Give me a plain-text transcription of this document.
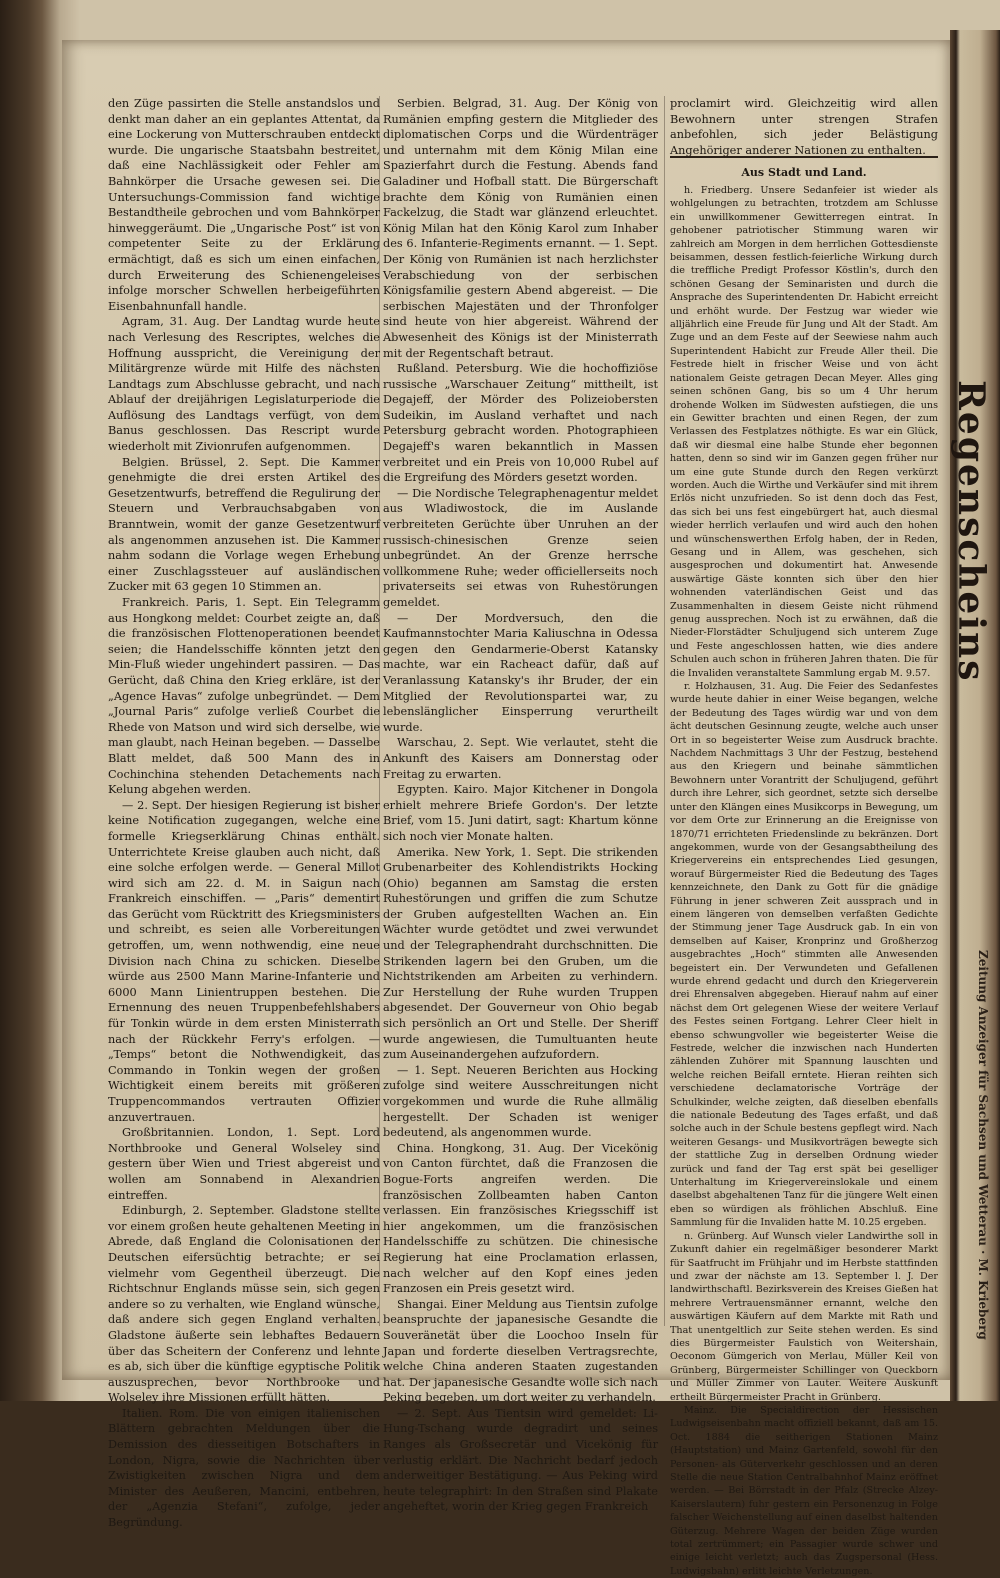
Regenscheins
Zeitung Anzeiger für Sachsen und Wetterau · M. Krieberg

den Züge passirten die Stelle anstandslos und denkt man daher an ein geplantes Attentat, da eine Lockerung von Mutterschrauben entdeckt wurde. Die ungarische Staatsbahn bestreitet, daß eine Nachlässigkeit oder Fehler am Bahnkörper die Ursache gewesen sei. Die Untersuchungs-Commission fand wichtige Bestandtheile gebrochen und vom Bahnkörper hinweggeräumt. Die „Ungarische Post“ ist von competenter Seite zu der Erklärung ermächtigt, daß es sich um einen einfachen, durch Erweiterung des Schienengeleises infolge morscher Schwellen herbeigeführten Eisenbahnunfall handle.

Agram, 31. Aug. Der Landtag wurde heute nach Verlesung des Rescriptes, welches die Hoffnung ausspricht, die Vereinigung der Militärgrenze würde mit Hilfe des nächsten Landtags zum Abschlusse gebracht, und nach Ablauf der dreijährigen Legislaturperiode die Auflösung des Landtags verfügt, von dem Banus geschlossen. Das Rescript wurde wiederholt mit Zivionrufen aufgenommen.

Belgien. Brüssel, 2. Sept. Die Kammer genehmigte die drei ersten Artikel des Gesetzentwurfs, betreffend die Regulirung der Steuern und Verbrauchsabgaben von Branntwein, womit der ganze Gesetzentwurf als angenommen anzusehen ist. Die Kammer nahm sodann die Vorlage wegen Erhebung einer Zuschlagssteuer auf ausländischen Zucker mit 63 gegen 10 Stimmen an.

Frankreich. Paris, 1. Sept. Ein Telegramm aus Hongkong meldet: Courbet zeigte an, daß die französischen Flottenoperationen beendet seien; die Handelsschiffe könnten jetzt den Min-Fluß wieder ungehindert passiren. — Das Gerücht, daß China den Krieg erkläre, ist der „Agence Havas“ zufolge unbegründet. — Dem „Journal Paris“ zufolge verließ Courbet die Rhede von Matson und wird sich derselbe, wie man glaubt, nach Heinan begeben. — Dasselbe Blatt meldet, daß 500 Mann des in Cochinchina stehenden Detachements nach Kelung abgehen werden.

— 2. Sept. Der hiesigen Regierung ist bisher keine Notification zugegangen, welche eine formelle Kriegserklärung Chinas enthält. Unterrichtete Kreise glauben auch nicht, daß eine solche erfolgen werde. — General Millot wird sich am 22. d. M. in Saigun nach Frankreich einschiffen. — „Paris“ dementirt das Gerücht vom Rücktritt des Kriegsministers und schreibt, es seien alle Vorbereitungen getroffen, um, wenn nothwendig, eine neue Division nach China zu schicken. Dieselbe würde aus 2500 Mann Marine-Infanterie und 6000 Mann Linientruppen bestehen. Die Ernennung des neuen Truppenbefehlshabers für Tonkin würde in dem ersten Ministerrath nach der Rückkehr Ferry's erfolgen. — „Temps“ betont die Nothwendigkeit, das Commando in Tonkin wegen der großen Wichtigkeit einem bereits mit größeren Truppencommandos vertrauten Offizier anzuvertrauen.

Großbritannien. London, 1. Sept. Lord Northbrooke und General Wolseley sind gestern über Wien und Triest abgereist und wollen am Sonnabend in Alexandrien eintreffen.

Edinburgh, 2. September. Gladstone stellte vor einem großen heute gehaltenen Meeting in Abrede, daß England die Colonisationen der Deutschen eifersüchtig betrachte; er sei vielmehr vom Gegentheil überzeugt. Die Richtschnur Englands müsse sein, sich gegen andere so zu verhalten, wie England wünsche, daß andere sich gegen England verhalten. Gladstone äußerte sein lebhaftes Bedauern über das Scheitern der Conferenz und lehnte es ab, sich über die künftige egyptische Politik auszusprechen, bevor Northbrooke und Wolseley ihre Missionen erfüllt hätten.

Italien. Rom. Die von einigen italienischen Blättern gebrachten Meldungen über die Demission des diesseitigen Botschafters in London, Nigra, sowie die Nachrichten über Zwistigkeiten zwischen Nigra und dem Minister des Aeußeren, Mancini, entbehren, der „Agenzia Stefani“, zufolge, jeder Begründung.

Serbien. Belgrad, 31. Aug. Der König von Rumänien empfing gestern die Mitglieder des diplomatischen Corps und die Würdenträger und unternahm mit dem König Milan eine Spazierfahrt durch die Festung. Abends fand Galadiner und Hofball statt. Die Bürgerschaft brachte dem König von Rumänien einen Fackelzug, die Stadt war glänzend erleuchtet. König Milan hat den König Karol zum Inhaber des 6. Infanterie-Regiments ernannt. — 1. Sept. Der König von Rumänien ist nach herzlichster Verabschiedung von der serbischen Königsfamilie gestern Abend abgereist. — Die serbischen Majestäten und der Thronfolger sind heute von hier abgereist. Während der Abwesenheit des Königs ist der Ministerrath mit der Regentschaft betraut.

Rußland. Petersburg. Wie die hochoffiziöse russische „Warschauer Zeitung“ mittheilt, ist Degajeff, der Mörder des Polizeiobersten Sudeikin, im Ausland verhaftet und nach Petersburg gebracht worden. Photographieen Degajeff's waren bekanntlich in Massen verbreitet und ein Preis von 10,000 Rubel auf die Ergreifung des Mörders gesetzt worden.

— Die Nordische Telegraphenagentur meldet aus Wladiwostock, die im Auslande verbreiteten Gerüchte über Unruhen an der russisch-chinesischen Grenze seien unbegründet. An der Grenze herrsche vollkommene Ruhe; weder officiellerseits noch privaterseits sei etwas von Ruhestörungen gemeldet.

— Der Mordversuch, den die Kaufmannstochter Maria Kaliuschna in Odessa gegen den Gendarmerie-Oberst Katansky machte, war ein Racheact dafür, daß auf Veranlassung Katansky's ihr Bruder, der ein Mitglied der Revolutionspartei war, zu lebenslänglicher Einsperrung verurtheilt wurde.

Warschau, 2. Sept. Wie verlautet, steht die Ankunft des Kaisers am Donnerstag oder Freitag zu erwarten.

Egypten. Kairo. Major Kitchener in Dongola erhielt mehrere Briefe Gordon's. Der letzte Brief, vom 15. Juni datirt, sagt: Khartum könne sich noch vier Monate halten.

Amerika. New York, 1. Sept. Die strikenden Grubenarbeiter des Kohlendistrikts Hocking (Ohio) begannen am Samstag die ersten Ruhestörungen und griffen die zum Schutze der Gruben aufgestellten Wachen an. Ein Wächter wurde getödtet und zwei verwundet und der Telegraphendraht durchschnitten. Die Strikenden lagern bei den Gruben, um die Nichtstrikenden am Arbeiten zu verhindern. Zur Herstellung der Ruhe wurden Truppen abgesendet. Der Gouverneur von Ohio begab sich persönlich an Ort und Stelle. Der Sheriff wurde angewiesen, die Tumultuanten heute zum Auseinandergehen aufzufordern.

— 1. Sept. Neueren Berichten aus Hocking zufolge sind weitere Ausschreitungen nicht vorgekommen und wurde die Ruhe allmälig hergestellt. Der Schaden ist weniger bedeutend, als angenommen wurde.

China. Hongkong, 31. Aug. Der Vicekönig von Canton fürchtet, daß die Franzosen die Bogue-Forts angreifen werden. Die französischen Zollbeamten haben Canton verlassen. Ein französisches Kriegsschiff ist hier angekommen, um die französischen Handelsschiffe zu schützen. Die chinesische Regierung hat eine Proclamation erlassen, nach welcher auf den Kopf eines jeden Franzosen ein Preis gesetzt wird.

Shangai. Einer Meldung aus Tientsin zufolge beanspruchte der japanesische Gesandte die Souveränetät über die Loochoo Inseln für Japan und forderte dieselben Vertragsrechte, welche China anderen Staaten zugestanden hat. Der japanesische Gesandte wolle sich nach Peking begeben, um dort weiter zu verhandeln.

— 2. Sept. Aus Tientsin wird gemeldet: Li-Hung-Tschang wurde degradirt und seines Ranges als Großsecretär und Vicekönig für verlustig erklärt. Die Nachricht bedarf jedoch anderweitiger Bestätigung. — Aus Peking wird heute telegraphirt: In den Straßen sind Plakate angeheftet, worin der Krieg gegen Frankreich

proclamirt wird. Gleichzeitig wird allen Bewohnern unter strengen Strafen anbefohlen, sich jeder Belästigung Angehöriger anderer Nationen zu enthalten.

Aus Stadt und Land.

h. Friedberg. Unsere Sedanfeier ist wieder als wohlgelungen zu betrachten, trotzdem am Schlusse ein unwillkommener Gewitterregen eintrat. In gehobener patriotischer Stimmung waren wir zahlreich am Morgen in dem herrlichen Gottesdienste beisammen, dessen festlich-feierliche Wirkung durch die treffliche Predigt Professor Köstlin's, durch den schönen Gesang der Seminaristen und durch die Ansprache des Superintendenten Dr. Habicht erreicht und erhöht wurde. Der Festzug war wieder wie alljährlich eine Freude für Jung und Alt der Stadt. Am Zuge und an dem Feste auf der Seewiese nahm auch Superintendent Habicht zur Freude Aller theil. Die Festrede hielt in frischer Weise und von ächt nationalem Geiste getragen Decan Meyer. Alles ging seinen schönen Gang, bis so um 4 Uhr herum drohende Wolken im Südwesten aufstiegen, die uns ein Gewitter brachten und einen Regen, der zum Verlassen des Festplatzes nöthigte. Es war ein Glück, daß wir diesmal eine halbe Stunde eher begonnen hatten, denn so sind wir im Ganzen gegen früher nur um eine gute Stunde durch den Regen verkürzt worden. Auch die Wirthe und Verkäufer sind mit ihrem Erlös nicht unzufrieden. So ist denn doch das Fest, das sich bei uns fest eingebürgert hat, auch diesmal wieder herrlich verlaufen und wird auch den hohen und wünschenswerthen Erfolg haben, der in Reden, Gesang und in Allem, was geschehen, sich ausgesprochen und dokumentirt hat. Anwesende auswärtige Gäste konnten sich über den hier wohnenden vaterländischen Geist und das Zusammenhalten in diesem Geiste nicht rühmend genug aussprechen. Noch ist zu erwähnen, daß die Nieder-Florstädter Schuljugend sich unterem Zuge und Feste angeschlossen hatten, wie dies andere Schulen auch schon in früheren Jahren thaten. Die für die Invaliden veranstaltete Sammlung ergab M. 9.57.

r. Holzhausen, 31. Aug. Die Feier des Sedanfestes wurde heute dahier in einer Weise begangen, welche der Bedeutung des Tages würdig war und von dem ächt deutschen Gesinnung zeugte, welche auch unser Ort in so begeisterter Weise zum Ausdruck brachte. Nachdem Nachmittags 3 Uhr der Festzug, bestehend aus den Kriegern und beinahe sämmtlichen Bewohnern unter Vorantritt der Schuljugend, geführt durch ihre Lehrer, sich geordnet, setzte sich derselbe unter den Klängen eines Musikcorps in Bewegung, um vor dem Orte zur Erinnerung an die Ereignisse von 1870/71 errichteten Friedenslinde zu bekränzen. Dort angekommen, wurde von der Gesangsabtheilung des Kriegervereins ein entsprechendes Lied gesungen, worauf Bürgermeister Ried die Bedeutung des Tages kennzeichnete, den Dank zu Gott für die gnädige Führung in jener schweren Zeit aussprach und in einem längeren von demselben verfaßten Gedichte der Stimmung jener Tage Ausdruck gab. In ein von demselben auf Kaiser, Kronprinz und Großherzog ausgebrachtes „Hoch“ stimmten alle Anwesenden begeistert ein. Der Verwundeten und Gefallenen wurde ehrend gedacht und durch den Kriegerverein drei Ehrensalven abgegeben. Hierauf nahm auf einer nächst dem Ort gelegenen Wiese der weitere Verlauf des Festes seinen Fortgang. Lehrer Cleer hielt in ebenso schwungvoller wie begeisterter Weise die Festrede, welcher die inzwischen nach Hunderten zählenden Zuhörer mit Spannung lauschten und welche reichen Beifall erntete. Hieran reihten sich verschiedene declamatorische Vorträge der Schulkinder, welche zeigten, daß dieselben ebenfalls die nationale Bedeutung des Tages erfaßt, und daß solche auch in der Schule bestens gepflegt wird. Nach weiteren Gesangs- und Musikvorträgen bewegte sich der stattliche Zug in derselben Ordnung wieder zurück und fand der Tag erst spät bei geselliger Unterhaltung im Kriegervereinslokale und einem daselbst abgehaltenen Tanz für die jüngere Welt einen eben so würdigen als fröhlichen Abschluß. Eine Sammlung für die Invaliden hatte M. 10.25 ergeben.

n. Grünberg. Auf Wunsch vieler Landwirthe soll in Zukunft dahier ein regelmäßiger besonderer Markt für Saatfrucht im Frühjahr und im Herbste stattfinden und zwar der nächste am 13. September l. J. Der landwirthschaftl. Bezirksverein des Kreises Gießen hat mehrere Vertrauensmänner ernannt, welche den auswärtigen Käufern auf dem Markte mit Rath und That unentgeltlich zur Seite stehen werden. Es sind dies Bürgermeister Faulstich von Weitershain, Oeconom Gümgerich von Merlau, Müller Keil von Grünberg, Bürgermeister Schillinger von Queckborn und Müller Zimmer von Lauter. Weitere Auskunft ertheilt Bürgermeister Pracht in Grünberg.

Mainz. Die Specialdirection der Hessischen Ludwigseisenbahn macht offiziell bekannt, daß am 15. Oct. 1884 die seitherigen Stationen Mainz (Hauptstation) und Mainz Gartenfeld, sowohl für den Personen- als Güterverkehr geschlossen und an deren Stelle die neue Station Centralbahnhof Mainz eröffnet werden. — Bei Börrstadt in der Pfalz (Strecke Alzey-Kaiserslautern) fuhr gestern ein Personenzug in Folge falscher Weichenstellung auf einen daselbst haltenden Güterzug. Mehrere Wagen der beiden Züge wurden total zertrümmert; ein Passagier wurde schwer und einige leicht verletzt; auch das Zugspersonal (Hess. Ludwigsbahn) erlitt leichte Verletzungen.
